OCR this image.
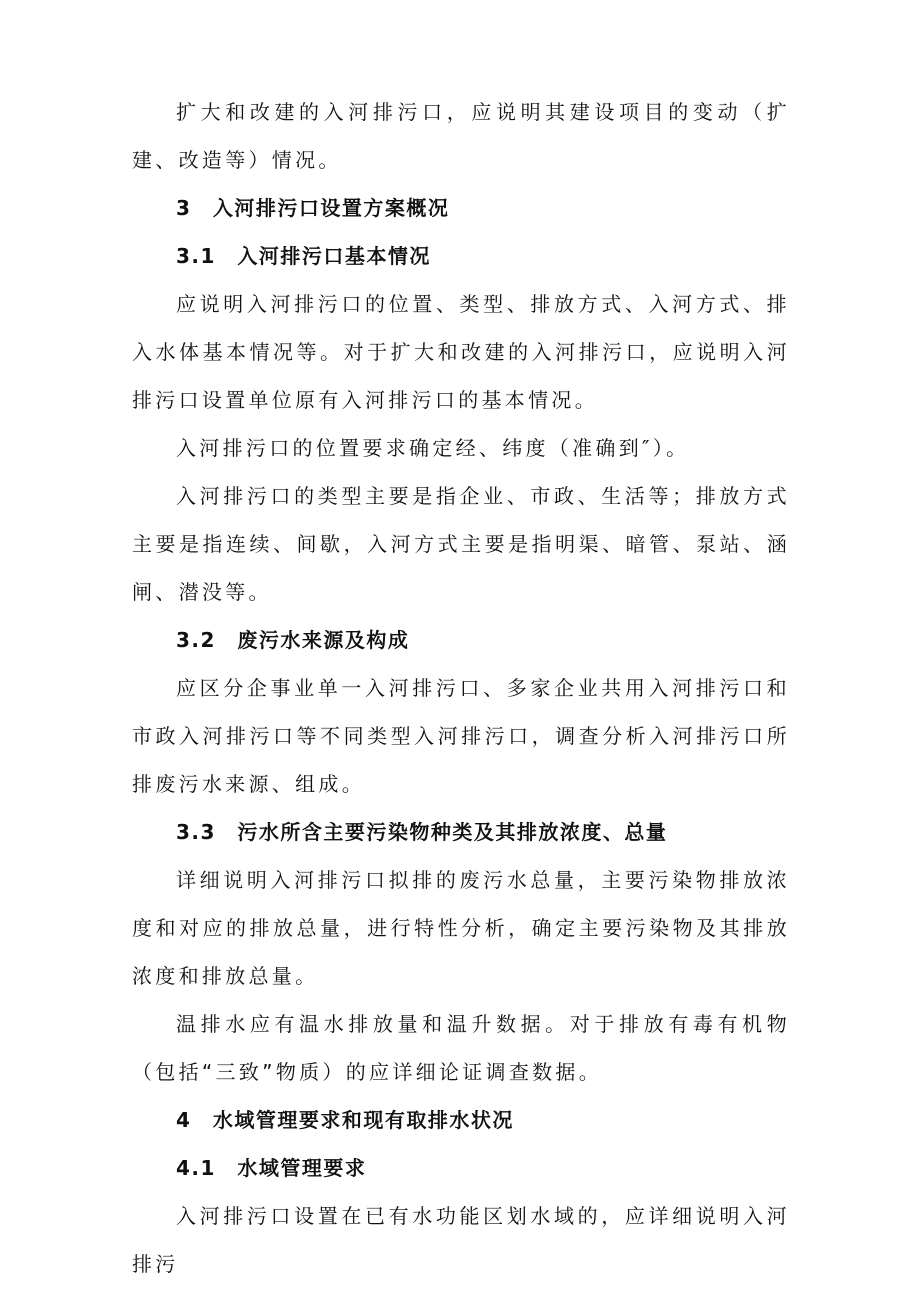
扩大和改建的入河排污口，应说明其建设项目的变动（扩建、改造等）情况。

3　入河排污口设置方案概况

3.1　入河排污口基本情况

应说明入河排污口的位置、类型、排放方式、入河方式、排入水体基本情况等。对于扩大和改建的入河排污口，应说明入河排污口设置单位原有入河排污口的基本情况。

入河排污口的位置要求确定经、纬度（准确到″）。

入河排污口的类型主要是指企业、市政、生活等；排放方式主要是指连续、间歇，入河方式主要是指明渠、暗管、泵站、涵闸、潜没等。

3.2　废污水来源及构成

应区分企事业单一入河排污口、多家企业共用入河排污口和市政入河排污口等不同类型入河排污口，调查分析入河排污口所排废污水来源、组成。

3.3　污水所含主要污染物种类及其排放浓度、总量

详细说明入河排污口拟排的废污水总量，主要污染物排放浓度和对应的排放总量，进行特性分析，确定主要污染物及其排放浓度和排放总量。

温排水应有温水排放量和温升数据。对于排放有毒有机物（包括“三致”物质）的应详细论证调查数据。

4　水域管理要求和现有取排水状况

4.1　水域管理要求

入河排污口设置在已有水功能区划水域的，应详细说明入河排污
